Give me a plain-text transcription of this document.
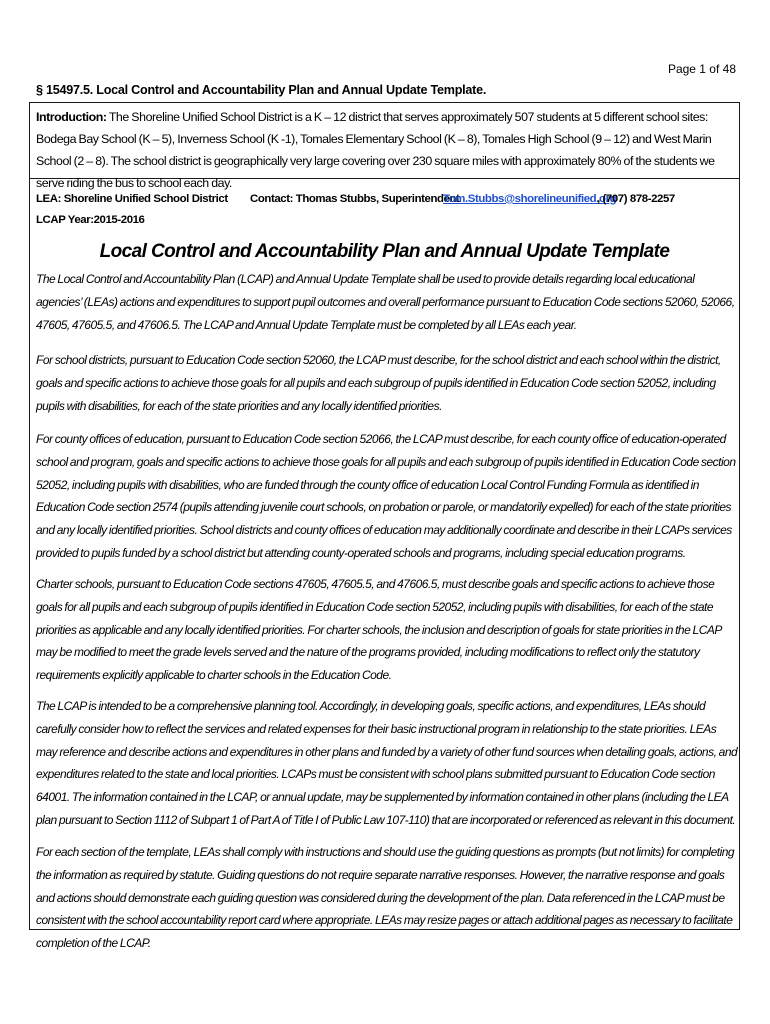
Page 1 of 48
§ 15497.5. Local Control and Accountability Plan and Annual Update Template.
Introduction: The Shoreline Unified School District is a K – 12 district that serves approximately 507 students at 5 different school sites: Bodega Bay School (K – 5), Inverness School (K -1), Tomales Elementary School (K – 8), Tomales High School (9 – 12) and West Marin School (2 – 8). The school district is geographically very large covering over 230 square miles with approximately 80% of the students we serve riding the bus to school each day.
LEA: Shoreline Unified School District Contact: Thomas Stubbs, Superintendent
Tom.Stubbs@shorelineunified.org
, (707) 878-2257
LCAP Year:2015-2016
Local Control and Accountability Plan and Annual Update Template

The Local Control and Accountability Plan (LCAP) and Annual Update Template shall be used to provide details regarding local educational agencies’ (LEAs) actions and expenditures to support pupil outcomes and overall performance pursuant to Education Code sections 52060, 52066, 47605, 47605.5, and 47606.5. The LCAP and Annual Update Template must be completed by all LEAs each year.

For school districts, pursuant to Education Code section 52060, the LCAP must describe, for the school district and each school within the district, goals and specific actions to achieve those goals for all pupils and each subgroup of pupils identified in Education Code section 52052, including pupils with disabilities, for each of the state priorities and any locally identified priorities.

For county offices of education, pursuant to Education Code section 52066, the LCAP must describe, for each county office of education-operated school and program, goals and specific actions to achieve those goals for all pupils and each subgroup of pupils identified in Education Code section 52052, including pupils with disabilities, who are funded through the county office of education Local Control Funding Formula as identified in Education Code section 2574 (pupils attending juvenile court schools, on probation or parole, or mandatorily expelled) for each of the state priorities and any locally identified priorities. School districts and county offices of education may additionally coordinate and describe in their LCAPs services provided to pupils funded by a school district but attending county-operated schools and programs, including special education programs.

Charter schools, pursuant to Education Code sections 47605, 47605.5, and 47606.5, must describe goals and specific actions to achieve those goals for all pupils and each subgroup of pupils identified in Education Code section 52052, including pupils with disabilities, for each of the state priorities as applicable and any locally identified priorities. For charter schools, the inclusion and description of goals for state priorities in the LCAP may be modified to meet the grade levels served and the nature of the programs provided, including modifications to reflect only the statutory requirements explicitly applicable to charter schools in the Education Code.

The LCAP is intended to be a comprehensive planning tool. Accordingly, in developing goals, specific actions, and expenditures, LEAs should carefully consider how to reflect the services and related expenses for their basic instructional program in relationship to the state priorities. LEAs may reference and describe actions and expenditures in other plans and funded by a variety of other fund sources when detailing goals, actions, and expenditures related to the state and local priorities. LCAPs must be consistent with school plans submitted pursuant to Education Code section 64001. The information contained in the LCAP, or annual update, may be supplemented by information contained in other plans (including the LEA plan pursuant to Section 1112 of Subpart 1 of Part A of Title I of Public Law 107-110) that are incorporated or referenced as relevant in this document.

For each section of the template, LEAs shall comply with instructions and should use the guiding questions as prompts (but not limits) for completing the information as required by statute. Guiding questions do not require separate narrative responses. However, the narrative response and goals and actions should demonstrate each guiding question was considered during the development of the plan. Data referenced in the LCAP must be consistent with the school accountability report card where appropriate. LEAs may resize pages or attach additional pages as necessary to facilitate completion of the LCAP.
